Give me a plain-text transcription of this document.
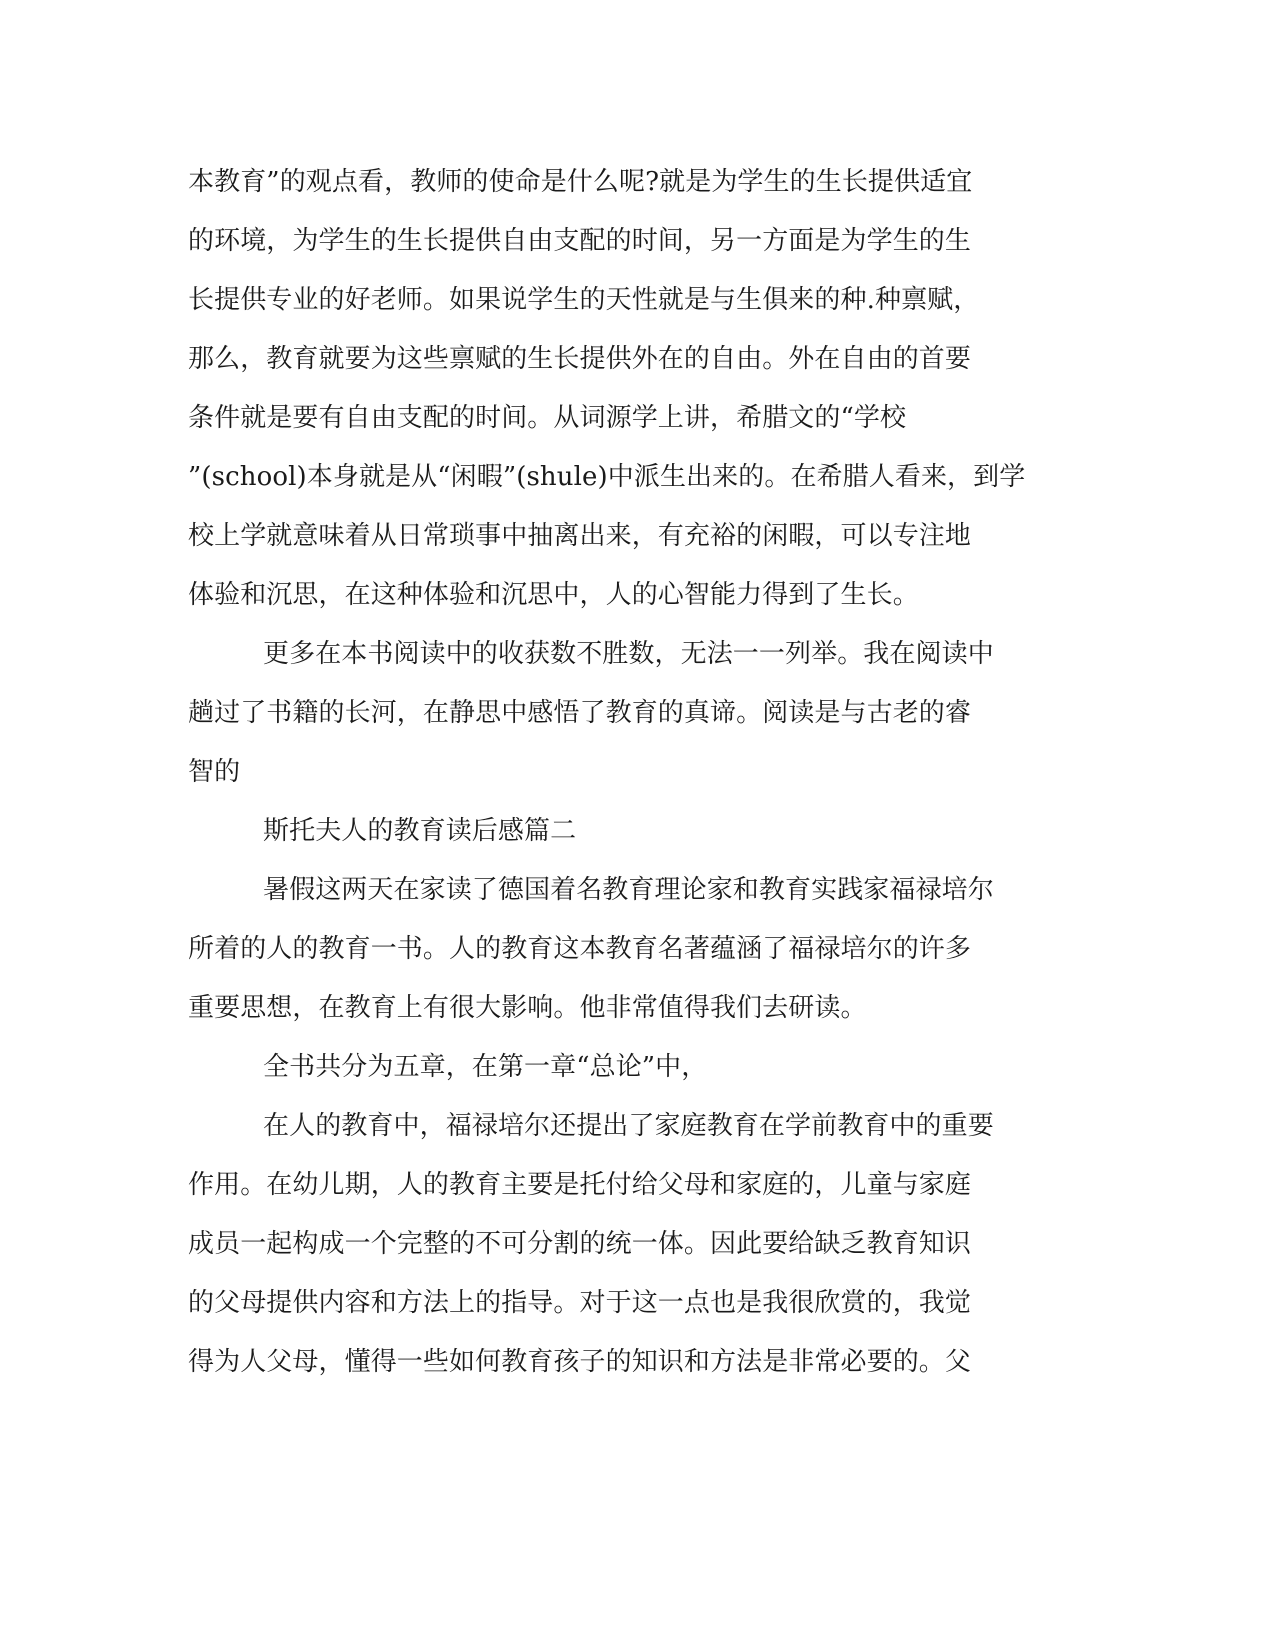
本教育”的观点看，教师的使命是什么呢?就是为学生的生长提供适宜
的环境，为学生的生长提供自由支配的时间，另一方面是为学生的生
长提供专业的好老师。如果说学生的天性就是与生俱来的种.种禀赋，
那么，教育就要为这些禀赋的生长提供外在的自由。外在自由的首要
条件就是要有自由支配的时间。从词源学上讲，希腊文的“学校
”(school)本身就是从“闲暇”(shule)中派生出来的。在希腊人看来，到学
校上学就意味着从日常琐事中抽离出来，有充裕的闲暇，可以专注地
体验和沉思，在这种体验和沉思中，人的心智能力得到了生长。
更多在本书阅读中的收获数不胜数，无法一一列举。我在阅读中
趟过了书籍的长河，在静思中感悟了教育的真谛。阅读是与古老的睿
智的
斯托夫人的教育读后感篇二
暑假这两天在家读了德国着名教育理论家和教育实践家福禄培尔
所着的人的教育一书。人的教育这本教育名著蕴涵了福禄培尔的许多
重要思想，在教育上有很大影响。他非常值得我们去研读。
全书共分为五章，在第一章“总论”中，
在人的教育中，福禄培尔还提出了家庭教育在学前教育中的重要
作用。在幼儿期，人的教育主要是托付给父母和家庭的，儿童与家庭
成员一起构成一个完整的不可分割的统一体。因此要给缺乏教育知识
的父母提供内容和方法上的指导。对于这一点也是我很欣赏的，我觉
得为人父母，懂得一些如何教育孩子的知识和方法是非常必要的。父
